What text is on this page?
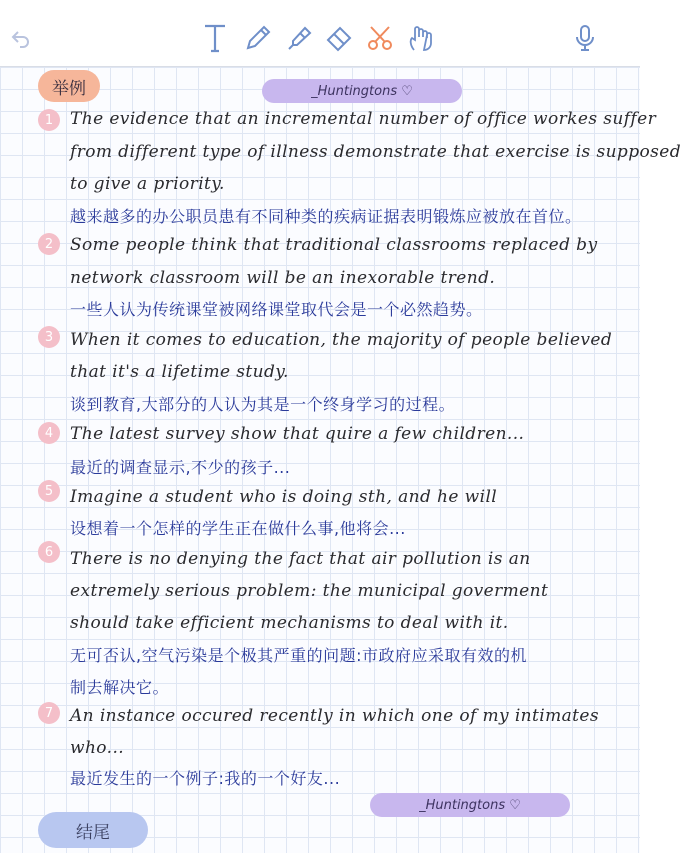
举例	_Huntingtons ♡
1 The evidence that an incremental number of office workes suffer
from different type of illness demonstrate that exercise is supposed
to give a priority.
越来越多的办公职员患有不同种类的疾病证据表明锻炼应被放在首位。
2 Some people think that traditional classrooms replaced by
network classroom will be an inexorable trend.
一些人认为传统课堂被网络课堂取代会是一个必然趋势。
3 When it comes to education, the majority of people believed
that it's a lifetime study.
谈到教育,大部分的人认为其是一个终身学习的过程。
4 The latest survey show that quire a few children...
最近的调查显示,不少的孩子...
5 Imagine a student who is doing sth, and he will
设想着一个怎样的学生正在做什么事,他将会...
6 There is no denying the fact that air pollution is an
extremely serious problem: the municipal goverment
should take efficient mechanisms to deal with it.
无可否认,空气污染是个极其严重的问题:市政府应采取有效的机
制去解决它。
7 An instance occured recently in which one of my intimates
who...
最近发生的一个例子:我的一个好友...
_Huntingtons ♡
结尾
